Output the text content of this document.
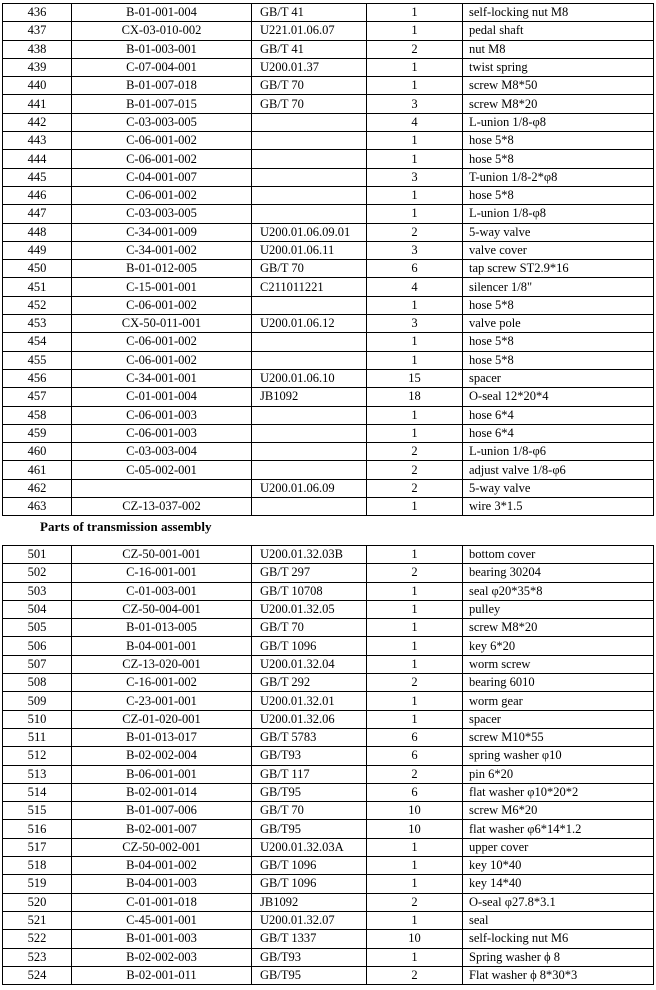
436	B-01-001-004	GB/T 41	1	self-locking nut M8
437	CX-03-010-002	U221.01.06.07	1	pedal shaft
438	B-01-003-001	GB/T 41	2	nut M8
439	C-07-004-001	U200.01.37	1	twist spring
440	B-01-007-018	GB/T 70	1	screw M8*50
441	B-01-007-015	GB/T 70	3	screw M8*20
442	C-03-003-005		4	L-union 1/8-φ8
443	C-06-001-002		1	hose 5*8
444	C-06-001-002		1	hose 5*8
445	C-04-001-007		3	T-union 1/8-2*φ8
446	C-06-001-002		1	hose 5*8
447	C-03-003-005		1	L-union 1/8-φ8
448	C-34-001-009	U200.01.06.09.01	2	5-way valve
449	C-34-001-002	U200.01.06.11	3	valve cover
450	B-01-012-005	GB/T 70	6	tap screw ST2.9*16
451	C-15-001-001	C211011221	4	silencer 1/8"
452	C-06-001-002		1	hose 5*8
453	CX-50-011-001	U200.01.06.12	3	valve pole
454	C-06-001-002		1	hose 5*8
455	C-06-001-002		1	hose 5*8
456	C-34-001-001	U200.01.06.10	15	spacer
457	C-01-001-004	JB1092	18	O-seal 12*20*4
458	C-06-001-003		1	hose 6*4
459	C-06-001-003		1	hose 6*4
460	C-03-003-004		2	L-union 1/8-φ6
461	C-05-002-001		2	adjust valve 1/8-φ6
462		U200.01.06.09	2	5-way valve
463	CZ-13-037-002		1	wire 3*1.5
Parts of transmission assembly
501	CZ-50-001-001	U200.01.32.03B	1	bottom cover
502	C-16-001-001	GB/T 297	2	bearing 30204
503	C-01-003-001	GB/T 10708	1	seal φ20*35*8
504	CZ-50-004-001	U200.01.32.05	1	pulley
505	B-01-013-005	GB/T 70	1	screw M8*20
506	B-04-001-001	GB/T 1096	1	key 6*20
507	CZ-13-020-001	U200.01.32.04	1	worm screw
508	C-16-001-002	GB/T 292	2	bearing 6010
509	C-23-001-001	U200.01.32.01	1	worm gear
510	CZ-01-020-001	U200.01.32.06	1	spacer
511	B-01-013-017	GB/T 5783	6	screw M10*55
512	B-02-002-004	GB/T93	6	spring washer φ10
513	B-06-001-001	GB/T 117	2	pin 6*20
514	B-02-001-014	GB/T95	6	flat washer φ10*20*2
515	B-01-007-006	GB/T 70	10	screw M6*20
516	B-02-001-007	GB/T95	10	flat washer φ6*14*1.2
517	CZ-50-002-001	U200.01.32.03A	1	upper cover
518	B-04-001-002	GB/T 1096	1	key 10*40
519	B-04-001-003	GB/T 1096	1	key 14*40
520	C-01-001-018	JB1092	2	O-seal φ27.8*3.1
521	C-45-001-001	U200.01.32.07	1	seal
522	B-01-001-003	GB/T 1337	10	self-locking nut M6
523	B-02-002-003	GB/T93	1	Spring washer ϕ 8
524	B-02-001-011	GB/T95	2	Flat washer ϕ 8*30*3
